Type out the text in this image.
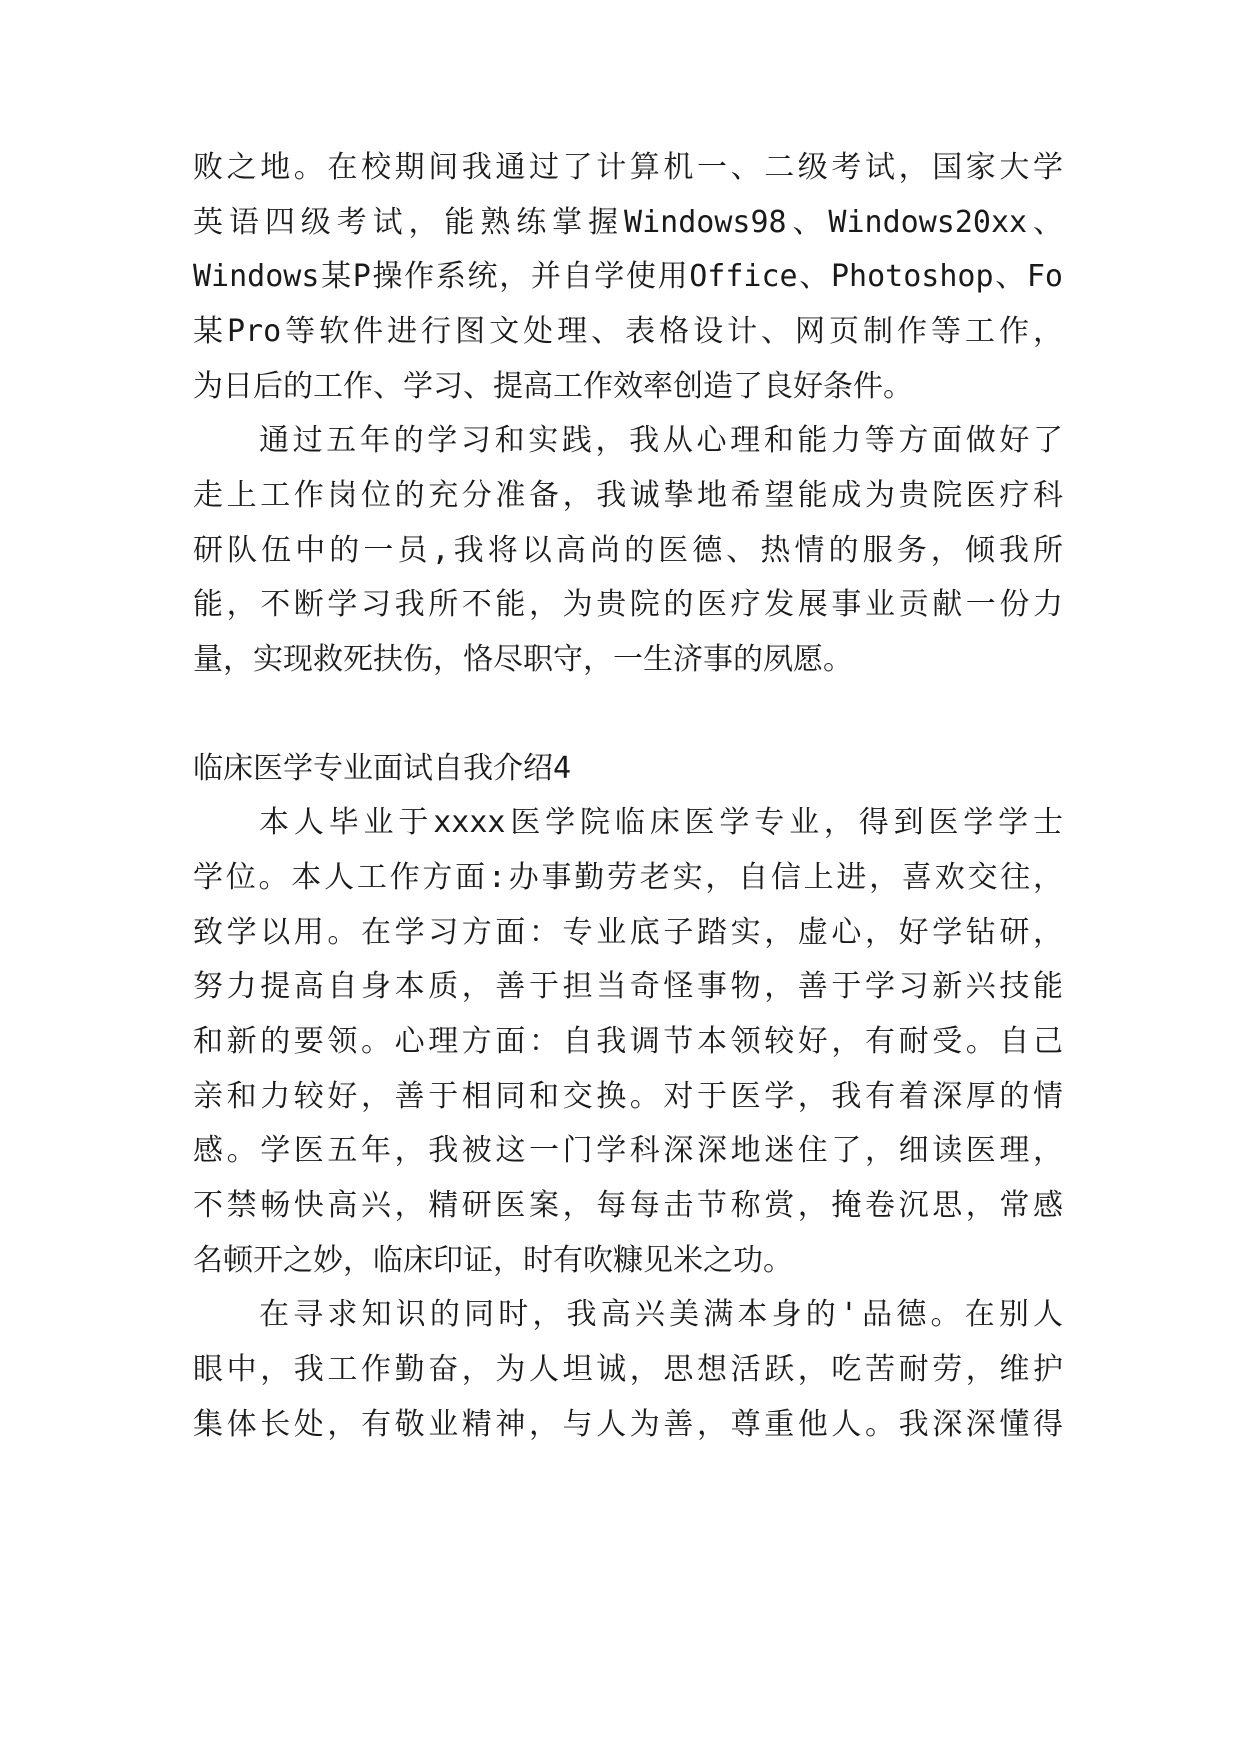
败之地。在校期间我通过了计算机一、二级考试，国家大学
英语四级考试，能熟练掌握Windows98、Windows20xx、
Windows某P操作系统，并自学使用Office、Photoshop、Fo
某Pro等软件进行图文处理、表格设计、网页制作等工作，
为日后的工作、学习、提高工作效率创造了良好条件。
通过五年的学习和实践，我从心理和能力等方面做好了
走上工作岗位的充分准备，我诚挚地希望能成为贵院医疗科
研队伍中的一员,我将以高尚的医德、热情的服务，倾我所
能，不断学习我所不能，为贵院的医疗发展事业贡献一份力
量，实现救死扶伤，恪尽职守，一生济事的夙愿。
临床医学专业面试自我介绍4
本人毕业于xxxx医学院临床医学专业，得到医学学士
学位。本人工作方面:办事勤劳老实，自信上进，喜欢交往，
致学以用。在学习方面：专业底子踏实，虚心，好学钻研，
努力提高自身本质，善于担当奇怪事物，善于学习新兴技能
和新的要领。心理方面：自我调节本领较好，有耐受。自己
亲和力较好，善于相同和交换。对于医学，我有着深厚的情
感。学医五年，我被这一门学科深深地迷住了，细读医理，
不禁畅快高兴，精研医案，每每击节称赏，掩卷沉思，常感
名顿开之妙，临床印证，时有吹糠见米之功。
在寻求知识的同时，我高兴美满本身的'品德。在别人
眼中，我工作勤奋，为人坦诚，思想活跃，吃苦耐劳，维护
集体长处，有敬业精神，与人为善，尊重他人。我深深懂得
